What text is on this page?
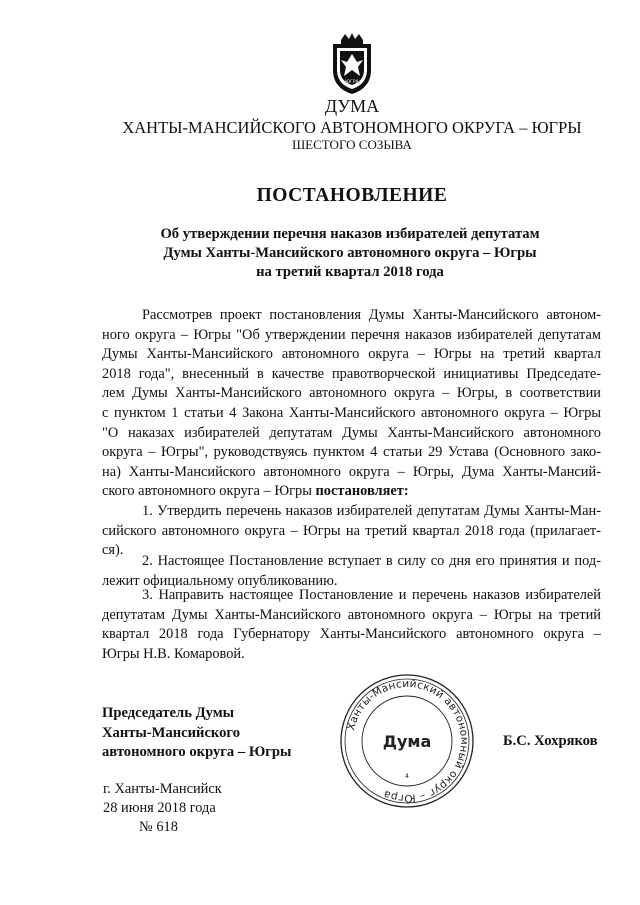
ЮГРА
ДУМА
ХАНТЫ-МАНСИЙСКОГО АВТОНОМНОГО ОКРУГА – ЮГРЫ
ШЕСТОГО СОЗЫВА
ПОСТАНОВЛЕНИЕ
Об утверждении перечня наказов избирателей депутатам
Думы Ханты-Мансийского автономного округа – Югры
на третий квартал 2018 года
Рассмотрев проект постановления Думы Ханты-Мансийского автоном-
ного округа – Югры "Об утверждении перечня наказов избирателей депутатам
Думы Ханты-Мансийского автономного округа – Югры на третий квартал
2018 года", внесенный в качестве правотворческой инициативы Председате-
лем Думы Ханты-Мансийского автономного округа – Югры, в соответствии
с пунктом 1 статьи 4 Закона Ханты-Мансийского автономного округа – Югры
"О наказах избирателей депутатам Думы Ханты-Мансийского автономного
округа – Югры", руководствуясь пунктом 4 статьи 29 Устава (Основного зако-
на) Ханты-Мансийского автономного округа – Югры, Дума Ханты-Мансий-
ского автономного округа – Югры постановляет:
1. Утвердить перечень наказов избирателей депутатам Думы Ханты-Ман-
сийского автономного округа – Югры на третий квартал 2018 года (прилагает-
ся).
2. Настоящее Постановление вступает в силу со дня его принятия и под-
лежит официальному опубликованию.
3. Направить настоящее Постановление и перечень наказов избирателей
депутатам Думы Ханты-Мансийского автономного округа – Югры на третий
квартал 2018 года Губернатору Ханты-Мансийского автономного округа –
Югры Н.В. Комаровой.
Председатель Думы
Ханты-Мансийского
автономного округа – Югры
Ханты-Мансийский автономный округ – Югра
Дума
4
Б.С. Хохряков
г. Ханты-Мансийск
28 июня 2018 года
№ 618
